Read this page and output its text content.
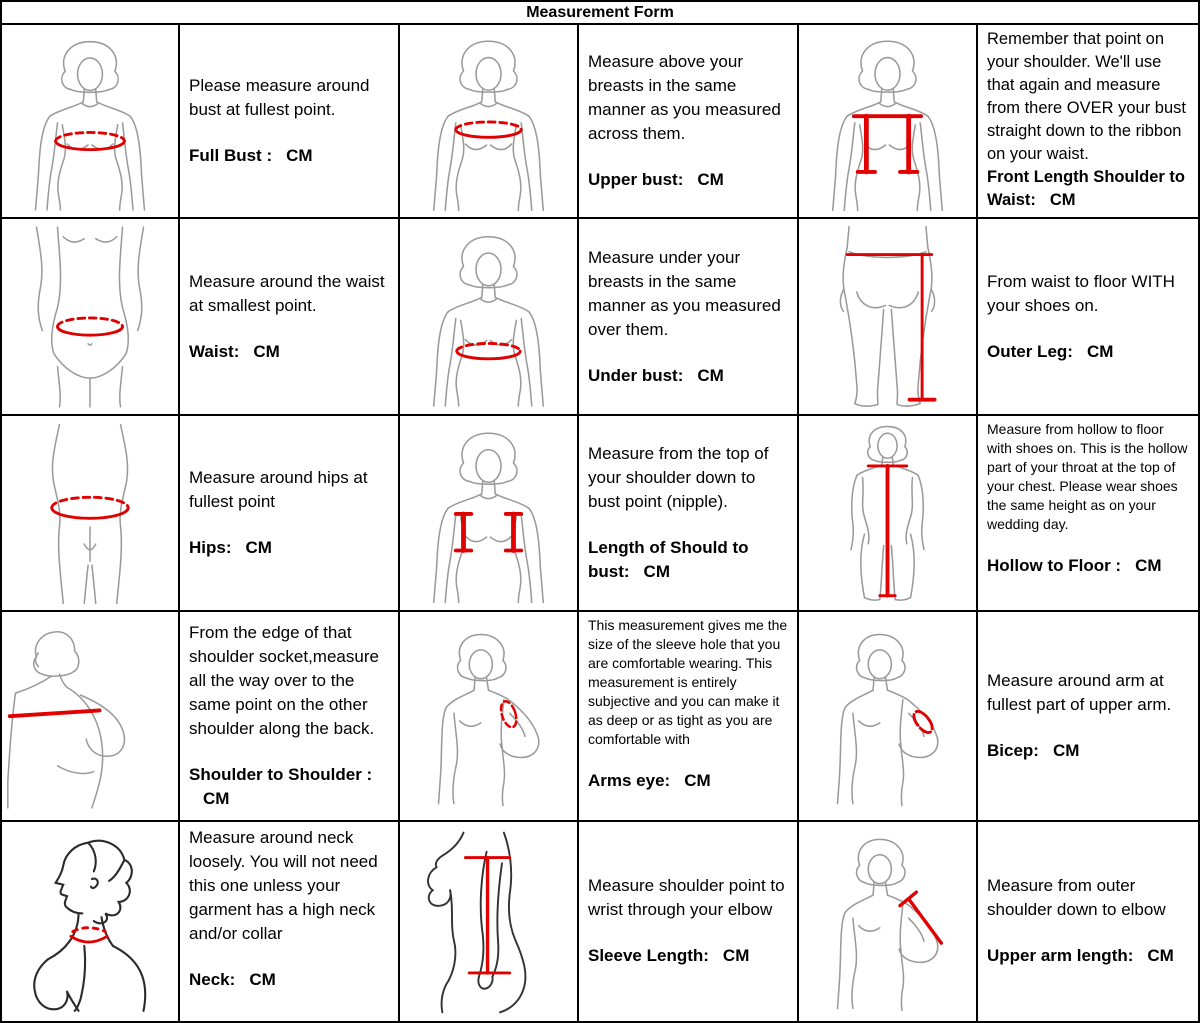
Measurement Form

Please measure around bust at fullest point.

Full Bust : CM

Measure above your breasts in the same manner as you measured across them.

Upper bust: CM

Remember that point on your shoulder. We'll use that again and measure from there OVER your bust straight down to the ribbon on your waist.

Front Length Shoulder to Waist: CM

Measure around the waist at smallest point.

Waist: CM

Measure under your breasts in the same manner as you measured over them.

Under bust: CM

From waist to floor WITH your shoes on.

Outer Leg: CM

Measure around hips at fullest point

Hips: CM

Measure from the top of your shoulder down to bust point (nipple).

Length of Should to bust: CM

Measure from hollow to floor with shoes on. This is the hollow part of your throat at the top of your chest. Please wear shoes the same height as on your wedding day.

Hollow to Floor : CM

From the edge of that shoulder socket,measure all the way over to the same point on the other shoulder along the back.

Shoulder to Shoulder :CM

This measurement gives me the size of the sleeve hole that you are comfortable wearing. This measurement is entirely subjective and you can make it as deep or as tight as you are comfortable with

Arms eye: CM

Measure around arm at fullest part of upper arm.

Bicep: CM

Measure around neck loosely. You will not need this one unless your garment has a high neck and/or collar

Neck: CM

Measure shoulder point to wrist through your elbow

Sleeve Length: CM

Measure from outer shoulder down to elbow

Upper arm length: CM
